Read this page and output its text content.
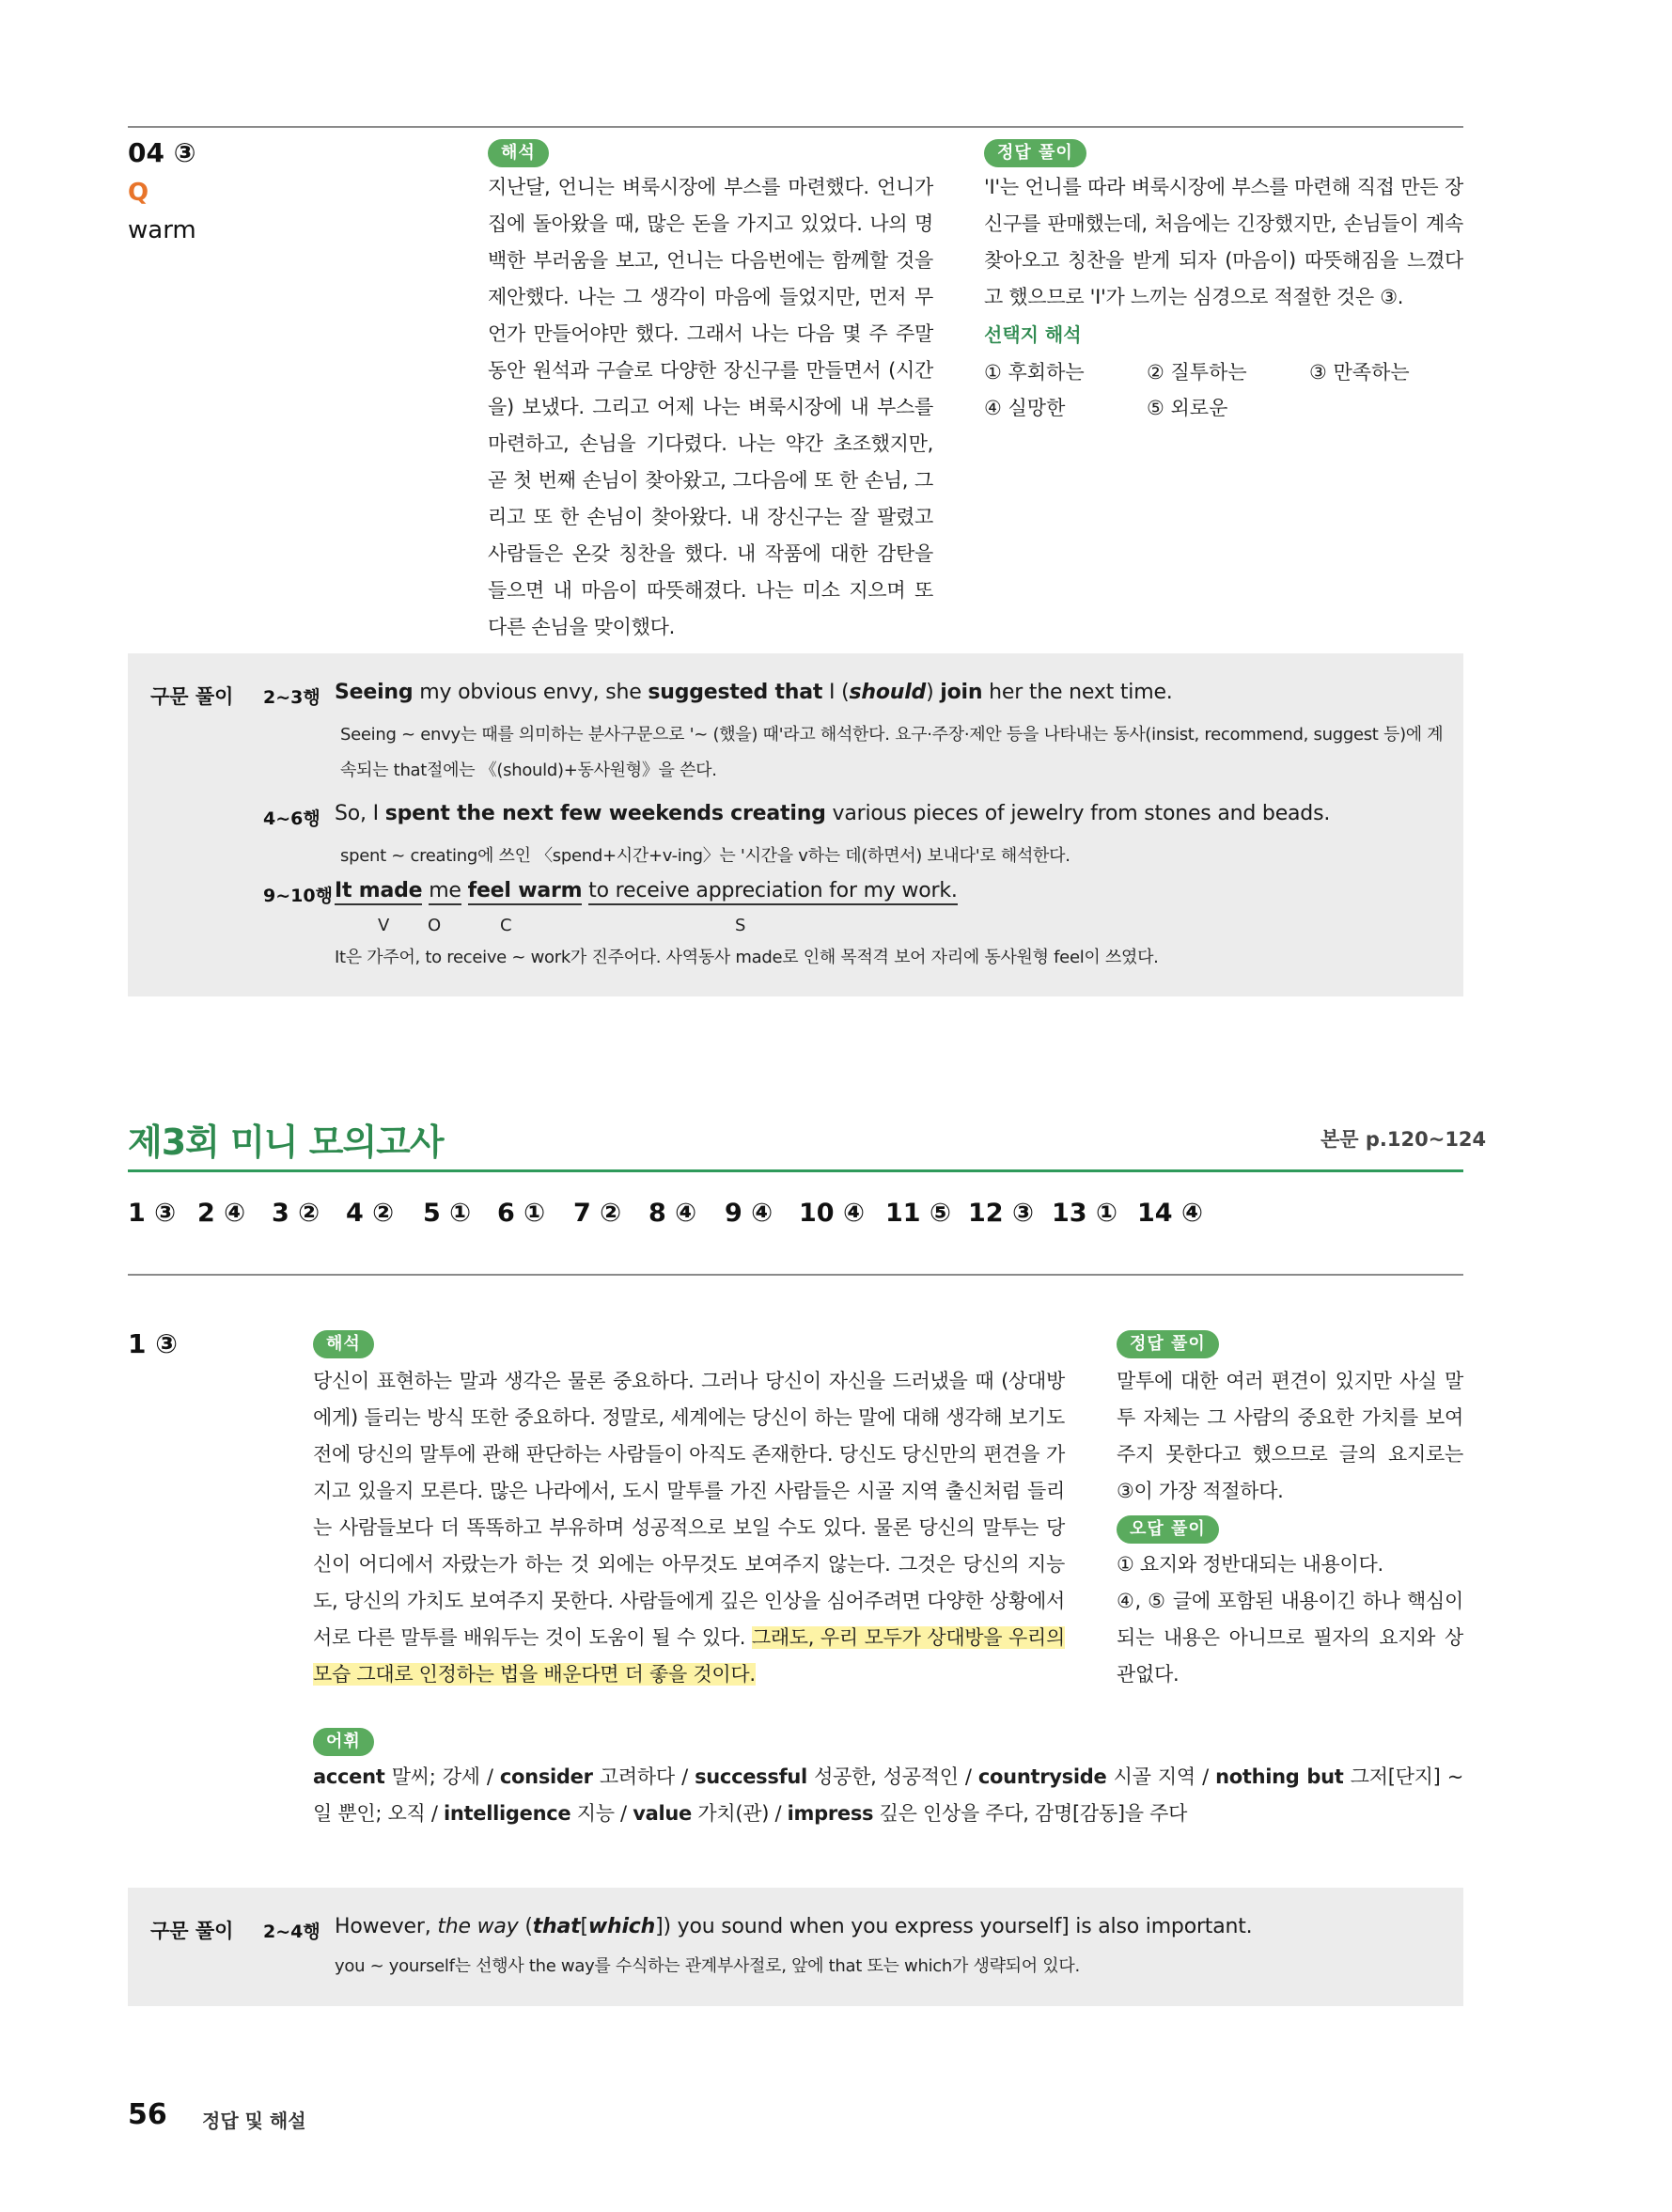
04 ③
Q
warm
해석
지난달, 언니는 벼룩시장에 부스를 마련했다. 언니가 집에 돌아왔을 때, 많은 돈을 가지고 있었다. 나의 명백한 부러움을 보고, 언니는 다음번에는 함께할 것을 제안했다. 나는 그 생각이 마음에 들었지만, 먼저 무언가 만들어야만 했다. 그래서 나는 다음 몇 주 주말 동안 원석과 구슬로 다양한 장신구를 만들면서 (시간을) 보냈다. 그리고 어제 나는 벼룩시장에 내 부스를 마련하고, 손님을 기다렸다. 나는 약간 초조했지만, 곧 첫 번째 손님이 찾아왔고, 그다음에 또 한 손님, 그리고 또 한 손님이 찾아왔다. 내 장신구는 잘 팔렸고 사람들은 온갖 칭찬을 했다. 내 작품에 대한 감탄을 들으면 내 마음이 따뜻해졌다. 나는 미소 지으며 또 다른 손님을 맞이했다.
정답 풀이
'I'는 언니를 따라 벼룩시장에 부스를 마련해 직접 만든 장신구를 판매했는데, 처음에는 긴장했지만, 손님들이 계속 찾아오고 칭찬을 받게 되자 (마음이) 따뜻해짐을 느꼈다고 했으므로 'I'가 느끼는 심경으로 적절한 것은 ③.
선택지 해석
① 후회하는	② 질투하는	③ 만족하는
④ 실망한	⑤ 외로운
구문 풀이 2~3행 Seeing my obvious envy, she suggested that I (should) join her the next time.
Seeing ~ envy는 때를 의미하는 분사구문으로 '~ (했을) 때'라고 해석한다. 요구·주장·제안 등을 나타내는 동사(insist, recommend, suggest 등)에 계속되는 that절에는 《(should)+동사원형》을 쓴다.
4~6행 So, I spent the next few weekends creating various pieces of jewelry from stones and beads.
spent ~ creating에 쓰인 〈spend+시간+v-ing〉는 '시간을 v하는 데(하면서) 보내다'로 해석한다.
9~10행 It made me feel warm to receive appreciation for my work.
V O	C	S
It은 가주어, to receive ~ work가 진주어다. 사역동사 made로 인해 목적격 보어 자리에 동사원형 feel이 쓰였다.
제3회 미니 모의고사	본문 p.120~124
1 ③ 2 ④ 3 ② 4 ② 5 ① 6 ① 7 ② 8 ④ 9 ④ 10 ④ 11 ⑤ 12 ③ 13 ① 14 ④
1 ③	해석
당신이 표현하는 말과 생각은 물론 중요하다. 그러나 당신이 자신을 드러냈을 때 (상대방에게) 들리는 방식 또한 중요하다. 정말로, 세계에는 당신이 하는 말에 대해 생각해 보기도 전에 당신의 말투에 관해 판단하는 사람들이 아직도 존재한다. 당신도 당신만의 편견을 가지고 있을지 모른다. 많은 나라에서, 도시 말투를 가진 사람들은 시골 지역 출신처럼 들리는 사람들보다 더 똑똑하고 부유하며 성공적으로 보일 수도 있다. 물론 당신의 말투는 당신이 어디에서 자랐는가 하는 것 외에는 아무것도 보여주지 않는다. 그것은 당신의 지능도, 당신의 가치도 보여주지 못한다. 사람들에게 깊은 인상을 심어주려면 다양한 상황에서 서로 다른 말투를 배워두는 것이 도움이 될 수 있다. 그래도, 우리 모두가 상대방을 우리의 모습 그대로 인정하는 법을 배운다면 더 좋을 것이다.
정답 풀이
말투에 대한 여러 편견이 있지만 사실 말투 자체는 그 사람의 중요한 가치를 보여주지 못한다고 했으므로 글의 요지로는 ③이 가장 적절하다.
오답 풀이
① 요지와 정반대되는 내용이다.
④, ⑤ 글에 포함된 내용이긴 하나 핵심이 되는 내용은 아니므로 필자의 요지와 상관없다.
어휘
accent 말씨; 강세 / consider 고려하다 / successful 성공한, 성공적인 / countryside 시골 지역 / nothing but 그저[단지] ~일 뿐인; 오직 / intelligence 지능 / value 가치(관) / impress 깊은 인상을 주다, 감명[감동]을 주다
구문 풀이 2~4행 However, the way (that[which]) you sound when you express yourself] is also important.
you ~ yourself는 선행사 the way를 수식하는 관계부사절로, 앞에 that 또는 which가 생략되어 있다.
56 정답 및 해설
